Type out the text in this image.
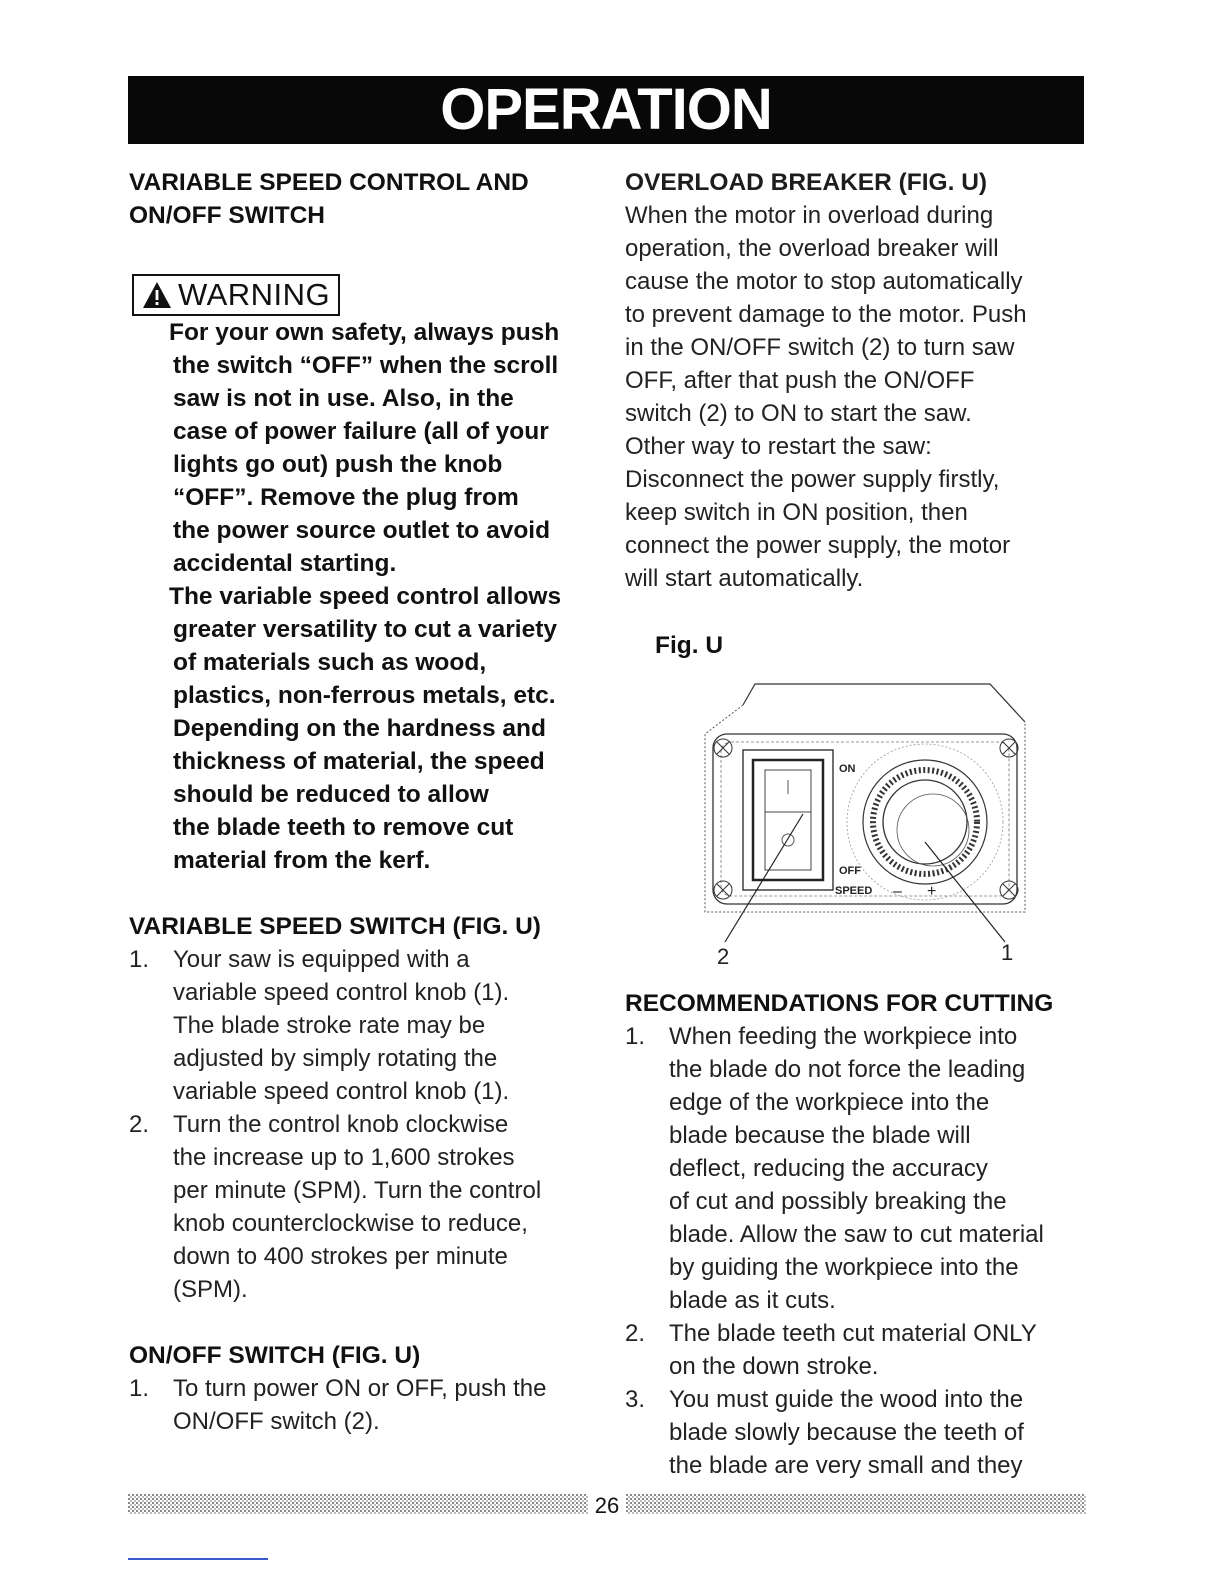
OPERATION

VARIABLE SPEED CONTROL AND

ON/OFF SWITCH

WARNING

For your own safety, always push

the switch “OFF” when the scroll

saw is not in use. Also, in the

case of power failure (all of your

lights go out) push the knob

“OFF”. Remove the plug from

the power source outlet to avoid

accidental starting.

The variable speed control allows

greater versatility to cut a variety

of materials such as wood,

plastics, non-ferrous metals, etc.

Depending on the hardness and

thickness of material, the speed

should be reduced to allow

the blade teeth to remove cut

material from the kerf.

VARIABLE SPEED SWITCH (FIG. U)

1. Your saw is equipped with a
variable speed control knob (1).
The blade stroke rate may be
adjusted by simply rotating the
variable speed control knob (1).
2. Turn the control knob clockwise
the increase up to 1,600 strokes
per minute (SPM). Turn the control
knob counterclockwise to reduce,
down to 400 strokes per minute
(SPM).

ON/OFF SWITCH (FIG. U)

1. To turn power ON or OFF, push the
ON/OFF switch (2).

OVERLOAD BREAKER (FIG. U)

When the motor in overload during

operation, the overload breaker will

cause the motor to stop automatically

to prevent damage to the motor. Push

in the ON/OFF switch (2) to turn saw

OFF, after that push the ON/OFF

switch (2) to ON to start the saw.

Other way to restart the saw:

Disconnect the power supply firstly,

keep switch in ON position, then

connect the power supply, the motor

will start automatically.

Fig. U

ON
OFF
SPEED – +
2	1

RECOMMENDATIONS FOR CUTTING

1. When feeding the workpiece into
the blade do not force the leading
edge of the workpiece into the
blade because the blade will
deflect, reducing the accuracy
of cut and possibly breaking the
blade. Allow the saw to cut material
by guiding the workpiece into the
blade as it cuts.
2. The blade teeth cut material ONLY
on the down stroke.
3. You must guide the wood into the
blade slowly because the teeth of
the blade are very small and they
26
